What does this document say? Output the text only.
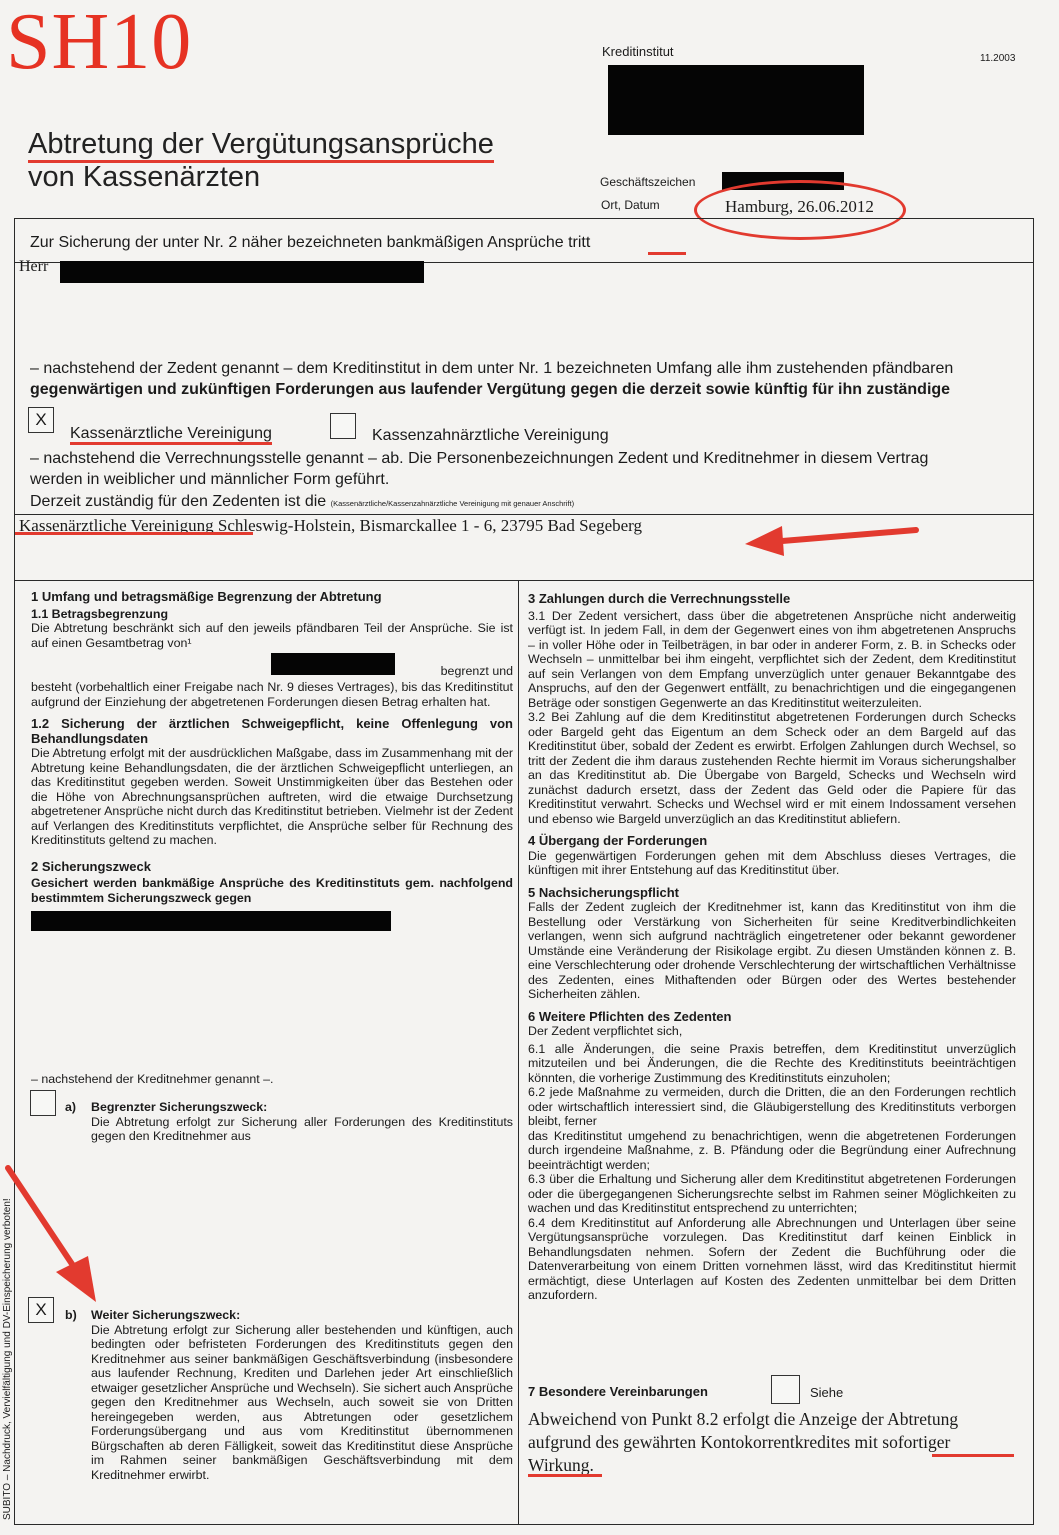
SH10	Kreditinstitut	11.2003
Abtretung der Vergütungsansprüche
von Kassenärzten	Geschäftszeichen
Ort, Datum	Hamburg, 26.06.2012
Zur Sicherung der unter Nr. 2 näher bezeichneten bankmäßigen Ansprüche tritt
Herr
– nachstehend der Zedent genannt – dem Kreditinstitut in dem unter Nr. 1 bezeichneten Umfang alle ihm zustehenden pfändbaren
gegenwärtigen und zukünftigen Forderungen aus laufender Vergütung gegen die derzeit sowie künftig für ihn zuständige
X
Kassenärztliche Vereinigung	Kassenzahnärztliche Vereinigung
– nachstehend die Verrechnungsstelle genannt – ab. Die Personenbezeichnungen Zedent und Kreditnehmer in diesem Vertrag
werden in weiblicher und männlicher Form geführt.
Derzeit zuständig für den Zedenten ist die (Kassenärztliche/Kassenzahnärztliche Vereinigung mit genauer Anschrift)
Kassenärztliche Vereinigung Schleswig-Holstein, Bismarckallee 1 - 6, 23795 Bad Segeberg

1 Umfang und betragsmäßige Begrenzung der Abtretung

1.1 Betragsbegrenzung

Die Abtretung beschränkt sich auf den jeweils pfändbaren Teil der Ansprüche. Sie ist auf einen Gesamtbetrag von¹

begrenzt und

besteht (vorbehaltlich einer Freigabe nach Nr. 9 dieses Vertrages), bis das Kreditinstitut aufgrund der Einziehung der abgetretenen Forderungen diesen Betrag erhalten hat.

1.2 Sicherung der ärztlichen Schweigepflicht, keine Offenlegung von Behandlungsdaten

Die Abtretung erfolgt mit der ausdrücklichen Maßgabe, dass im Zusammenhang mit der Abtretung keine Behandlungsdaten, die der ärztlichen Schweigepflicht unterliegen, an das Kreditinstitut gegeben werden. Soweit Unstimmigkeiten über das Bestehen oder die Höhe von Abrechnungsansprüchen auftreten, wird die etwaige Durchsetzung abgetretener Ansprüche nicht durch das Kreditinstitut betrieben. Vielmehr ist der Zedent auf Verlangen des Kreditinstituts verpflichtet, die Ansprüche selber für Rechnung des Kreditinstituts geltend zu machen.

2 Sicherungszweck

Gesichert werden bankmäßige Ansprüche des Kreditinstituts gem. nachfolgend bestimmtem Sicherungszweck gegen

– nachstehend der Kreditnehmer genannt –.
a) Begrenzter Sicherungszweck:

Die Abtretung erfolgt zur Sicherung aller Forderungen des Kreditinstituts gegen den Kreditnehmer aus

X	b) Weiter Sicherungszweck:

Die Abtretung erfolgt zur Sicherung aller bestehenden und künftigen, auch bedingten oder befristeten Forderungen des Kreditinstituts gegen den Kreditnehmer aus seiner bankmäßigen Geschäftsverbindung (insbesondere aus laufender Rechnung, Krediten und Darlehen jeder Art einschließlich etwaiger gesetzlicher Ansprüche und Wechseln). Sie sichert auch Ansprüche gegen den Kreditnehmer aus Wechseln, auch soweit sie von Dritten hereingegeben werden, aus Abtretungen oder gesetzlichem Forderungsübergang und aus vom Kreditinstitut übernommenen Bürgschaften ab deren Fälligkeit, soweit das Kreditinstitut diese Ansprüche im Rahmen seiner bankmäßigen Geschäftsverbindung mit dem Kreditnehmer erwirbt.

SUBITO – Nachdruck, Vervielfältigung und DV-Einspeicherung verboten!

3 Zahlungen durch die Verrechnungsstelle

3.1 Der Zedent versichert, dass über die abgetretenen Ansprüche nicht anderweitig verfügt ist. In jedem Fall, in dem der Gegenwert eines von ihm abgetretenen Anspruchs – in voller Höhe oder in Teilbeträgen, in bar oder in anderer Form, z. B. in Schecks oder Wechseln – unmittelbar bei ihm eingeht, verpflichtet sich der Zedent, dem Kreditinstitut auf sein Verlangen von dem Empfang unverzüglich unter genauer Bekanntgabe des Anspruchs, auf den der Gegenwert entfällt, zu benachrichtigen und die eingegangenen Beträge oder sonstigen Gegenwerte an das Kreditinstitut weiterzuleiten.

3.2 Bei Zahlung auf die dem Kreditinstitut abgetretenen Forderungen durch Schecks oder Bargeld geht das Eigentum an dem Scheck oder an dem Bargeld auf das Kreditinstitut über, sobald der Zedent es erwirbt. Erfolgen Zahlungen durch Wechsel, so tritt der Zedent die ihm daraus zustehenden Rechte hiermit im Voraus sicherungshalber an das Kreditinstitut ab. Die Übergabe von Bargeld, Schecks und Wechseln wird zunächst dadurch ersetzt, dass der Zedent das Geld oder die Papiere für das Kreditinstitut verwahrt. Schecks und Wechsel wird er mit einem Indossament versehen und ebenso wie Bargeld unverzüglich an das Kreditinstitut abliefern.

4 Übergang der Forderungen

Die gegenwärtigen Forderungen gehen mit dem Abschluss dieses Vertrages, die künftigen mit ihrer Entstehung auf das Kreditinstitut über.

5 Nachsicherungspflicht

Falls der Zedent zugleich der Kreditnehmer ist, kann das Kreditinstitut von ihm die Bestellung oder Verstärkung von Sicherheiten für seine Kreditverbindlichkeiten verlangen, wenn sich aufgrund nachträglich eingetretener oder bekannt gewordener Umstände eine Veränderung der Risikolage ergibt. Zu diesen Umständen können z. B. eine Verschlechterung oder drohende Verschlechterung der wirtschaftlichen Verhältnisse des Zedenten, eines Mithaftenden oder Bürgen oder des Wertes bestehender Sicherheiten zählen.

6 Weitere Pflichten des Zedenten

Der Zedent verpflichtet sich,

6.1 alle Änderungen, die seine Praxis betreffen, dem Kreditinstitut unverzüglich mitzuteilen und bei Änderungen, die die Rechte des Kreditinstituts beeinträchtigen könnten, die vorherige Zustimmung des Kreditinstituts einzuholen;

6.2 jede Maßnahme zu vermeiden, durch die Dritten, die an den Forderungen rechtlich oder wirtschaftlich interessiert sind, die Gläubigerstellung des Kreditinstituts verborgen bleibt, ferner

das Kreditinstitut umgehend zu benachrichtigen, wenn die abgetretenen Forderungen durch irgendeine Maßnahme, z. B. Pfändung oder die Begründung einer Aufrechnung beeinträchtigt werden;

6.3 über die Erhaltung und Sicherung aller dem Kreditinstitut abgetretenen Forderungen oder die übergegangenen Sicherungsrechte selbst im Rahmen seiner Möglichkeiten zu wachen und das Kreditinstitut entsprechend zu unterrichten;

6.4 dem Kreditinstitut auf Anforderung alle Abrechnungen und Unterlagen über seine Vergütungsansprüche vorzulegen. Das Kreditinstitut darf keinen Einblick in Behandlungsdaten nehmen. Sofern der Zedent die Buchführung oder die Datenverarbeitung von einem Dritten vornehmen lässt, wird das Kreditinstitut hiermit ermächtigt, diese Unterlagen auf Kosten des Zedenten unmittelbar bei dem Dritten anzufordern.

7 Besondere Vereinbarungen	Siehe
Abweichend von Punkt 8.2 erfolgt die Anzeige der Abtretung aufgrund des gewährten Kontokorrentkredites mit sofortiger Wirkung.
